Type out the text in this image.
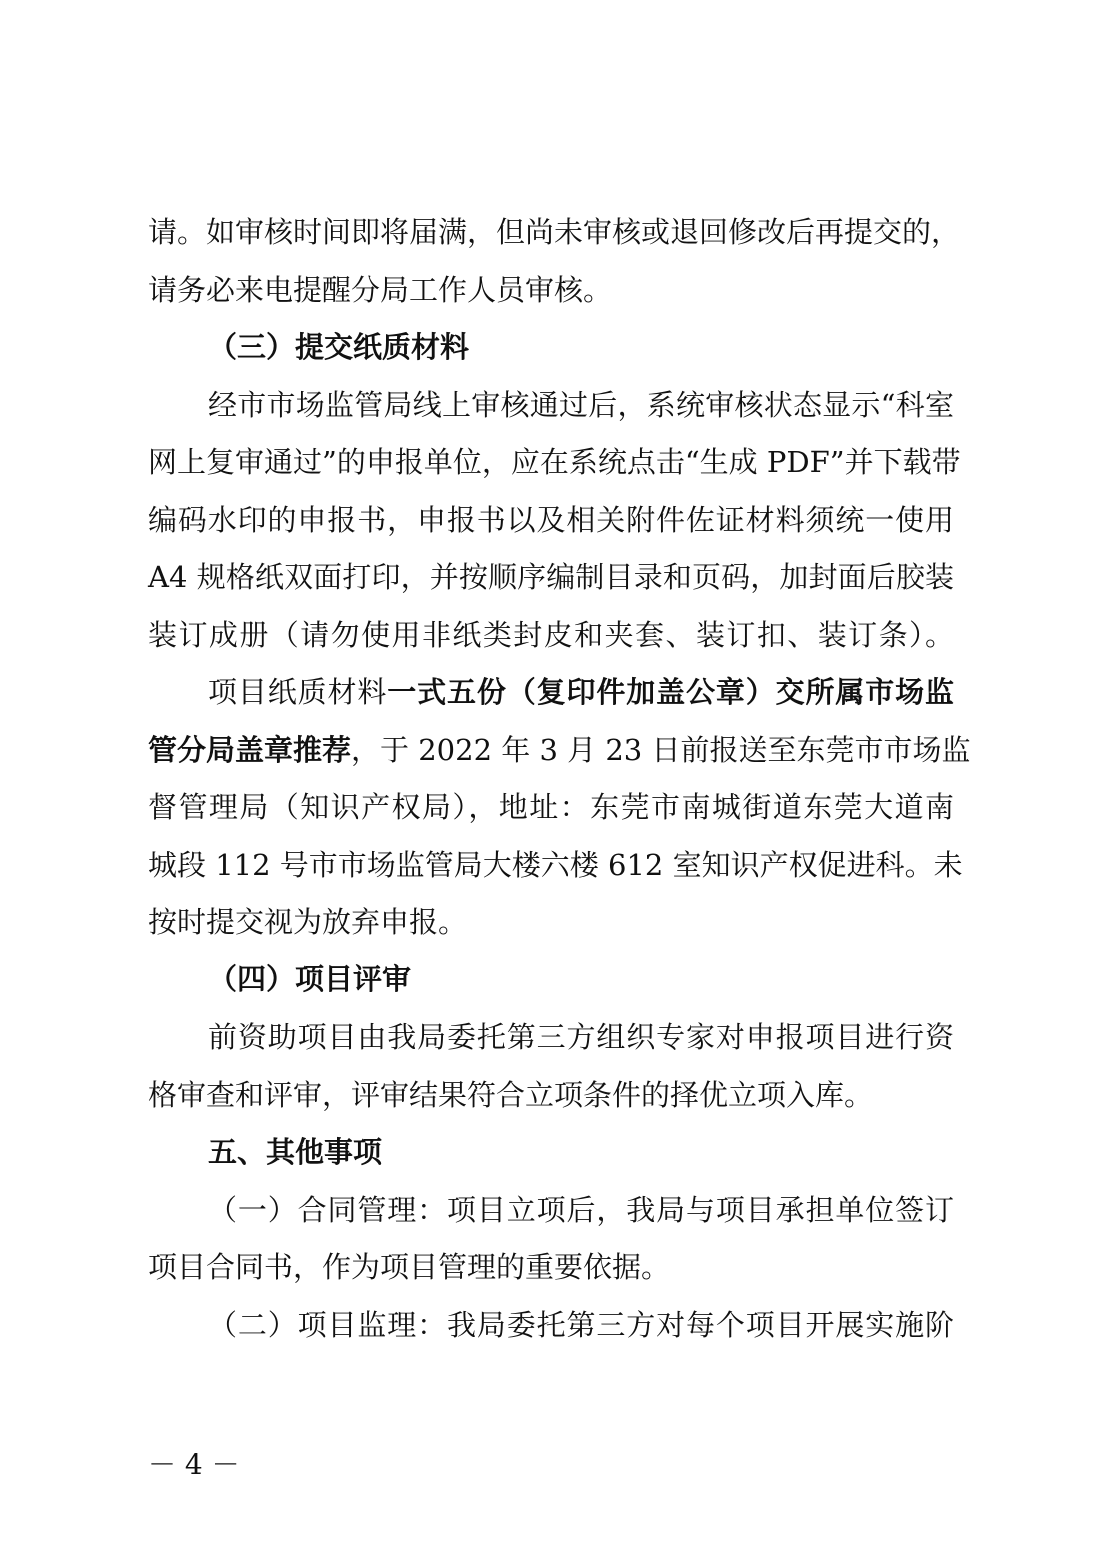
请。如审核时间即将届满，但尚未审核或退回修改后再提交的，
请务必来电提醒分局工作人员审核。
（三）提交纸质材料
经市市场监管局线上审核通过后，系统审核状态显示“科室
网上复审通过”的申报单位，应在系统点击“生成 PDF”并下载带
编码水印的申报书，申报书以及相关附件佐证材料须统一使用
A4 规格纸双面打印，并按顺序编制目录和页码，加封面后胶装
装订成册（请勿使用非纸类封皮和夹套、装订扣、装订条）。
项目纸质材料一式五份（复印件加盖公章）交所属市场监
管分局盖章推荐，于 2022 年 3 月 23 日前报送至东莞市市场监
督管理局（知识产权局），地址：东莞市南城街道东莞大道南
城段 112 号市市场监管局大楼六楼 612 室知识产权促进科。未
按时提交视为放弃申报。
（四）项目评审
前资助项目由我局委托第三方组织专家对申报项目进行资
格审查和评审，评审结果符合立项条件的择优立项入库。
五、其他事项
（一）合同管理：项目立项后，我局与项目承担单位签订
项目合同书，作为项目管理的重要依据。
（二）项目监理：我局委托第三方对每个项目开展实施阶
－ 4 －
